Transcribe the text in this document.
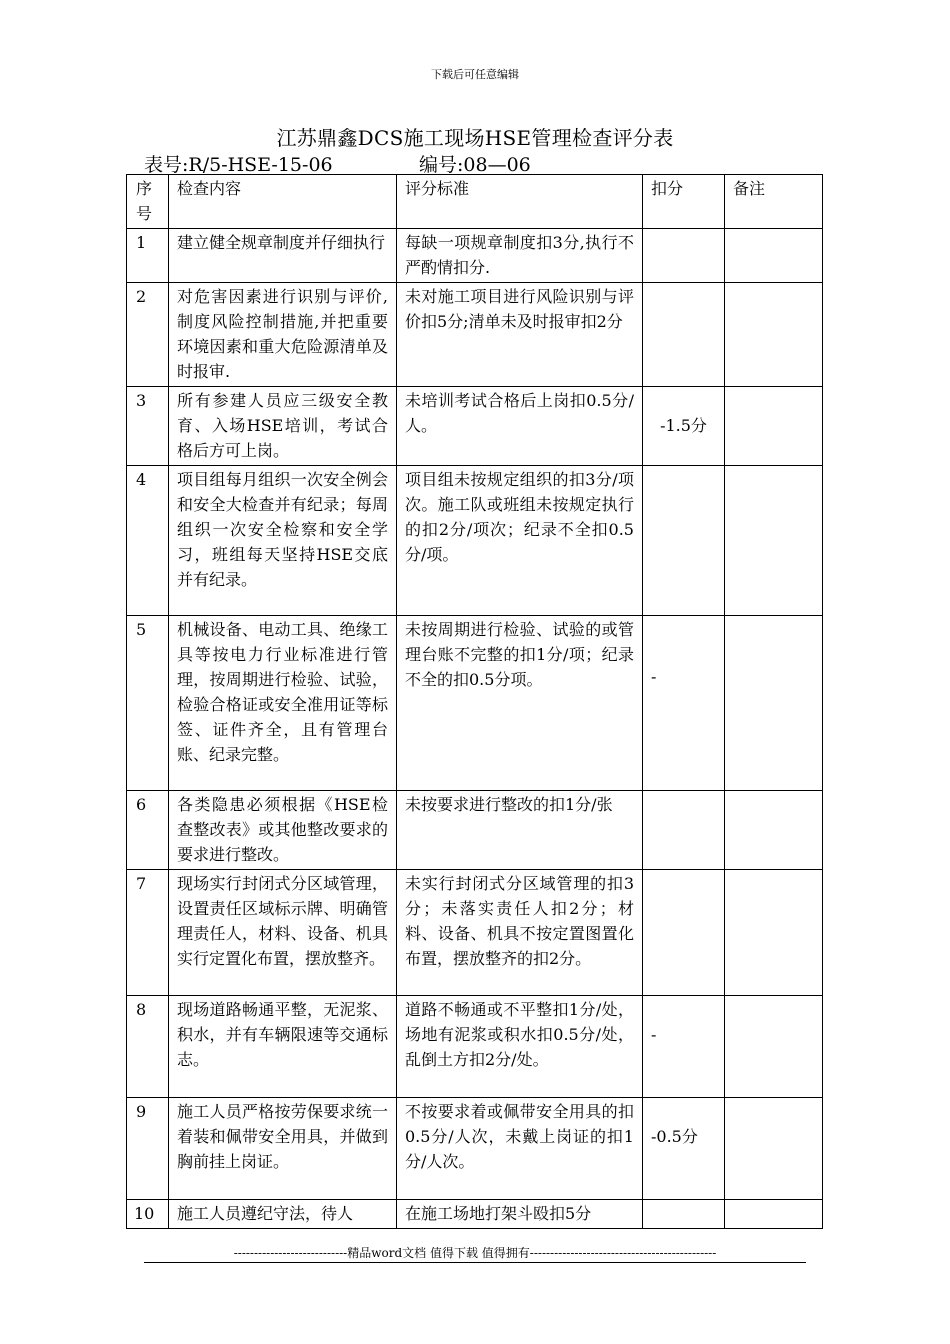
下载后可任意编辑
江苏鼎鑫DCS施工现场HSE管理检查评分表
表号:R/5-HSE-15-06	编号:08—06
序号	检查内容	评分标准	扣分	备注
1	建立健全规章制度并仔细执行	每缺一项规章制度扣3分,执行不严酌情扣分.		
2	对危害因素进行识别与评价,制度风险控制措施,并把重要环境因素和重大危险源清单及时报审.	未对施工项目进行风险识别与评价扣5分;清单未及时报审扣2分		
3	所有参建人员应三级安全教育、入场HSE培训，考试合格后方可上岗。	未培训考试合格后上岗扣0.5分/人。	-1.5分	
4	项目组每月组织一次安全例会和安全大检查并有纪录；每周组织一次安全检察和安全学习，班组每天坚持HSE交底并有纪录。	项目组未按规定组织的扣3分/项次。施工队或班组未按规定执行的扣2分/项次；纪录不全扣0.5分/项。		
5	机械设备、电动工具、绝缘工具等按电力行业标准进行管理，按周期进行检验、试验，检验合格证或安全准用证等标签、证件齐全，且有管理台账、纪录完整。	未按周期进行检验、试验的或管理台账不完整的扣1分/项；纪录不全的扣0.5分项。	-	
6	各类隐患必须根据《HSE检查整改表》或其他整改要求的要求进行整改。	未按要求进行整改的扣1分/张		
7	现场实行封闭式分区域管理，设置责任区域标示牌、明确管理责任人，材料、设备、机具实行定置化布置，摆放整齐。	未实行封闭式分区域管理的扣3分；未落实责任人扣2分；材料、设备、机具不按定置图置化布置，摆放整齐的扣2分。		
8	现场道路畅通平整，无泥浆、积水，并有车辆限速等交通标志。	道路不畅通或不平整扣1分/处，场地有泥浆或积水扣0.5分/处，乱倒土方扣2分/处。	-	
9	施工人员严格按劳保要求统一着装和佩带安全用具，并做到胸前挂上岗证。	不按要求着或佩带安全用具的扣0.5分/人次，未戴上岗证的扣1分/人次。	-0.5分	
10	施工人员遵纪守法，待人	在施工场地打架斗殴扣5分		
----------------------------精品word文档 值得下载 值得拥有----------------------------------------------
